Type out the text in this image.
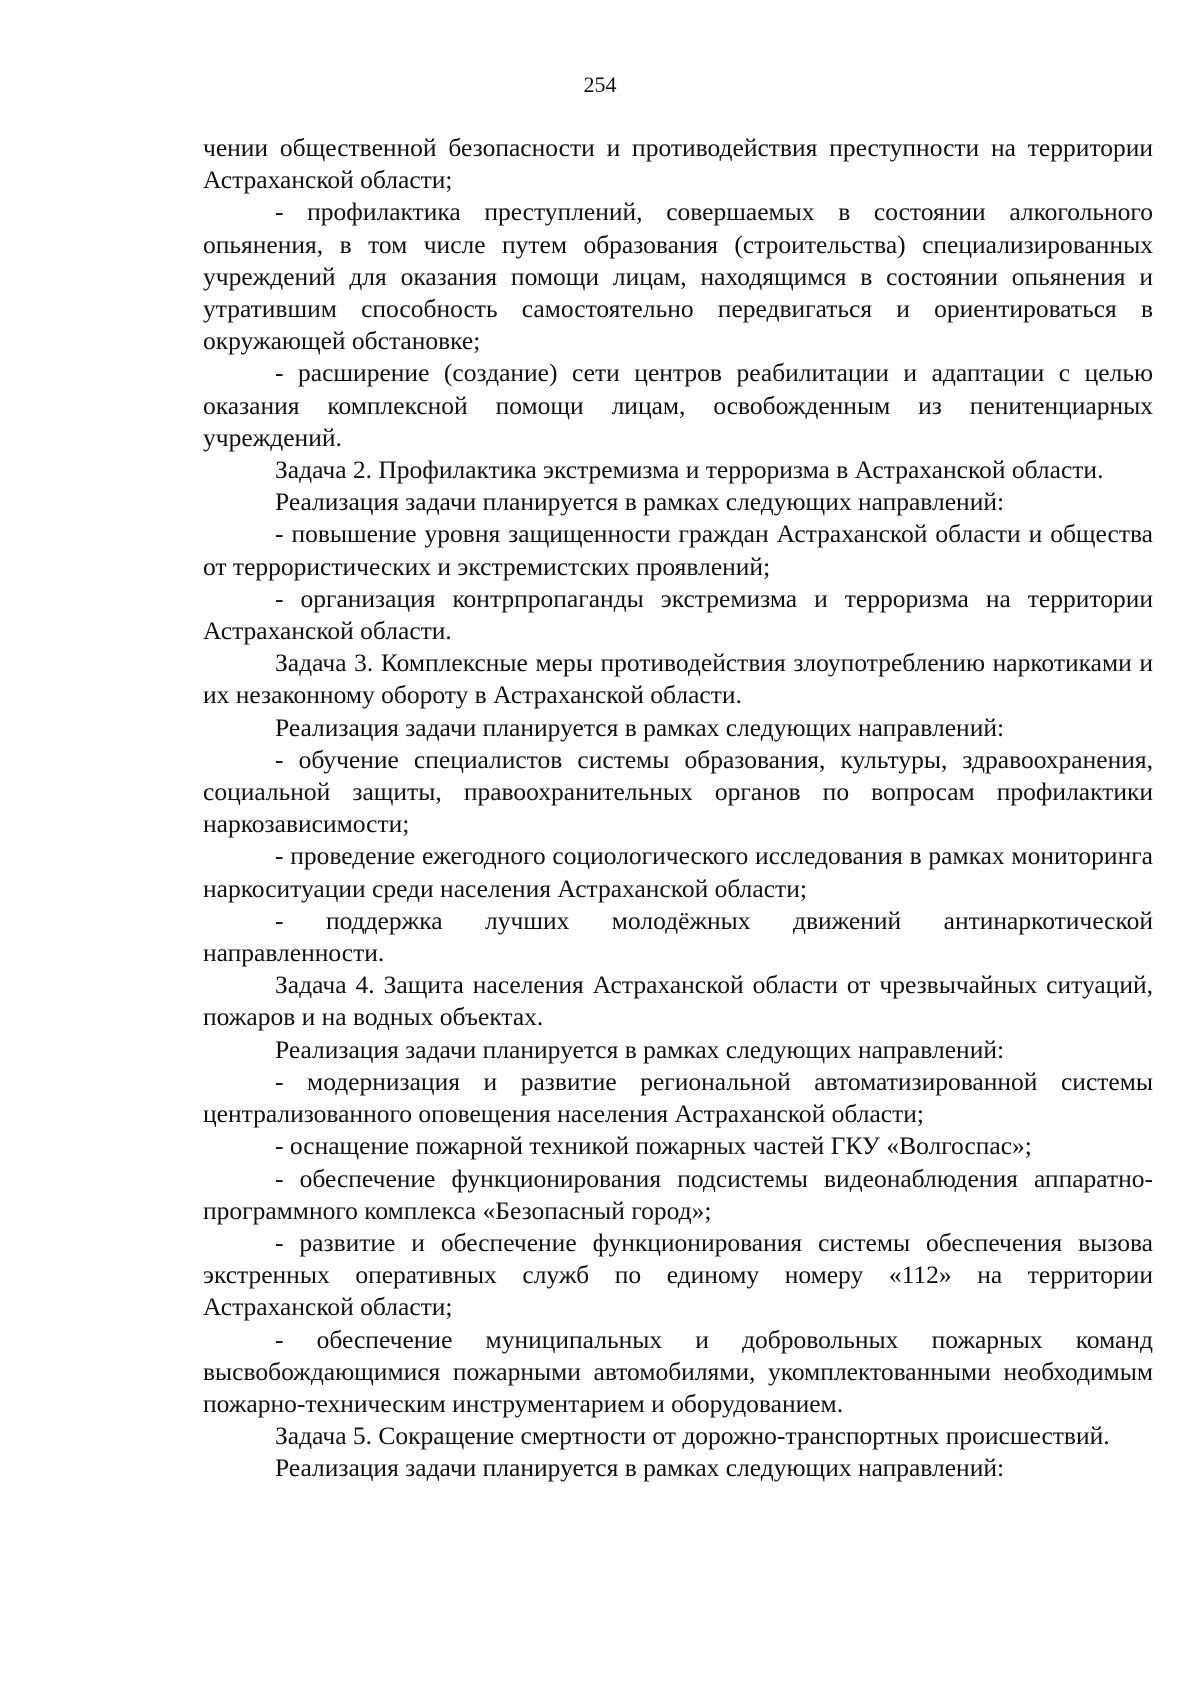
254

чении общественной безопасности и противодействия преступности на территории Астраханской области;

- профилактика преступлений, совершаемых в состоянии алкогольного опьянения, в том числе путем образования (строительства) специализированных учреждений для оказания помощи лицам, находящимся в состоянии опьянения и утратившим способность самостоятельно передвигаться и ориентироваться в окружающей обстановке;

- расширение (создание) сети центров реабилитации и адаптации с целью оказания комплексной помощи лицам, освобожденным из пенитенциарных учреждений.

Задача 2. Профилактика экстремизма и терроризма в Астраханской области.

Реализация задачи планируется в рамках следующих направлений:

- повышение уровня защищенности граждан Астраханской области и общества от террористических и экстремистских проявлений;

- организация контрпропаганды экстремизма и терроризма на территории Астраханской области.

Задача 3. Комплексные меры противодействия злоупотреблению наркотиками и их незаконному обороту в Астраханской области.

Реализация задачи планируется в рамках следующих направлений:

- обучение специалистов системы образования, культуры, здравоохранения, социальной защиты, правоохранительных органов по вопросам профилактики наркозависимости;

- проведение ежегодного социологического исследования в рамках мониторинга наркоситуации среди населения Астраханской области;

- поддержка лучших молодёжных движений антинаркотической направленности.

Задача 4. Защита населения Астраханской области от чрезвычайных ситуаций, пожаров и на водных объектах.

Реализация задачи планируется в рамках следующих направлений:

- модернизация и развитие региональной автоматизированной системы централизованного оповещения населения Астраханской области;

- оснащение пожарной техникой пожарных частей ГКУ «Волгоспас»;

- обеспечение функционирования подсистемы видеонаблюдения аппаратно-программного комплекса «Безопасный город»;

- развитие и обеспечение функционирования системы обеспечения вызова экстренных оперативных служб по единому номеру «112» на территории Астраханской области;

- обеспечение муниципальных и добровольных пожарных команд высвобождающимися пожарными автомобилями, укомплектованными необходимым пожарно-техническим инструментарием и оборудованием.

Задача 5. Сокращение смертности от дорожно-транспортных происшествий.

Реализация задачи планируется в рамках следующих направлений:
